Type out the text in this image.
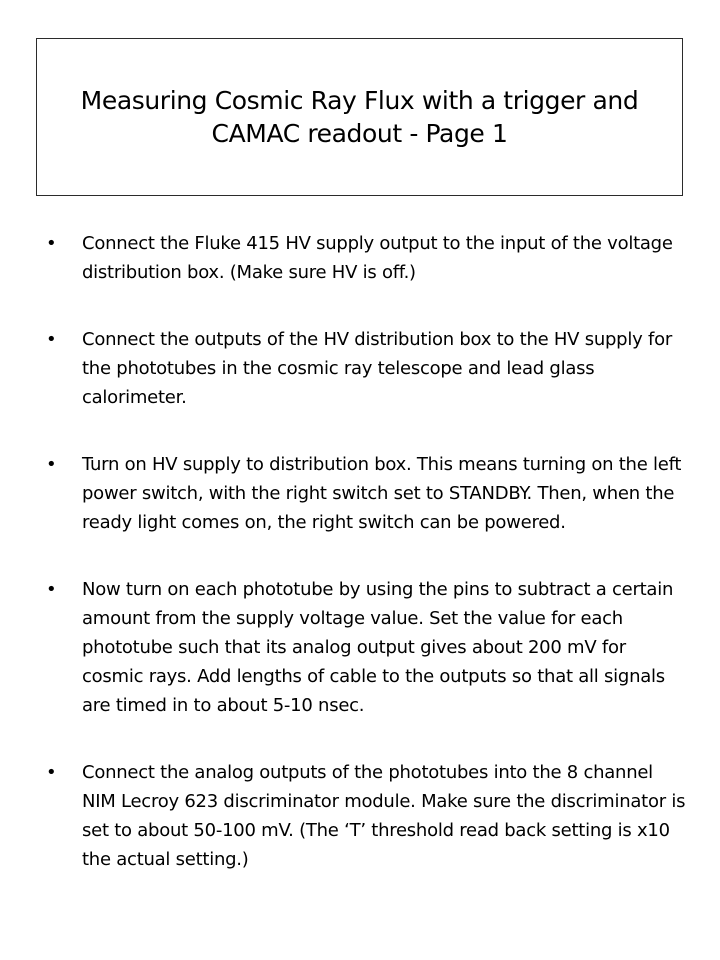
Measuring Cosmic Ray Flux with a trigger and CAMAC readout - Page 1
• Connect the Fluke 415 HV supply output to the input of the voltage distribution box. (Make sure HV is off.)
• Connect the outputs of the HV distribution box to the HV supply for the phototubes in the cosmic ray telescope and lead glass calorimeter.
• Turn on HV supply to distribution box. This means turning on the left power switch, with the right switch set to STANDBY. Then, when the ready light comes on, the right switch can be powered.
• Now turn on each phototube by using the pins to subtract a certain amount from the supply voltage value. Set the value for each phototube such that its analog output gives about 200 mV for cosmic rays. Add lengths of cable to the outputs so that all signals are timed in to about 5-10 nsec.
• Connect the analog outputs of the phototubes into the 8 channel NIM Lecroy 623 discriminator module. Make sure the discriminator is set to about 50-100 mV. (The ‘T’ threshold read back setting is x10 the actual setting.)
